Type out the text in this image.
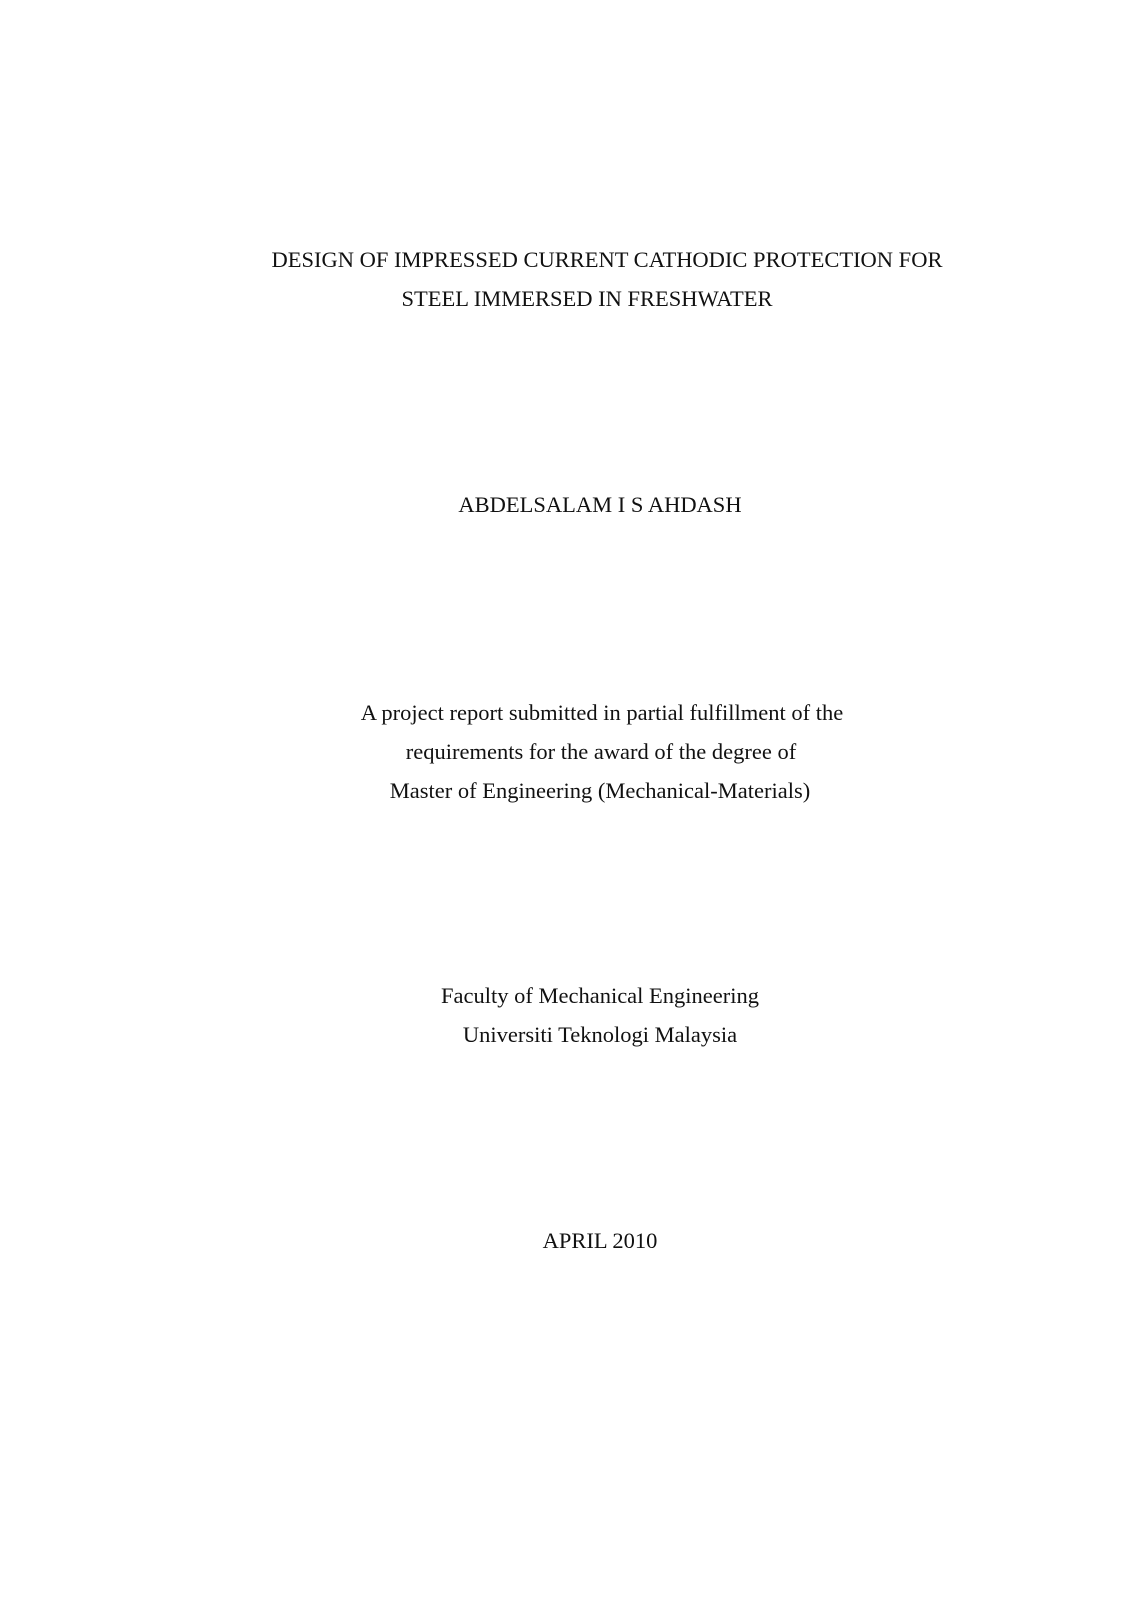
DESIGN OF IMPRESSED CURRENT CATHODIC PROTECTION FOR
STEEL IMMERSED IN FRESHWATER
ABDELSALAM I S AHDASH
A project report submitted in partial fulfillment of the
requirements for the award of the degree of
Master of Engineering (Mechanical-Materials)
Faculty of Mechanical Engineering
Universiti Teknologi Malaysia
APRIL 2010
